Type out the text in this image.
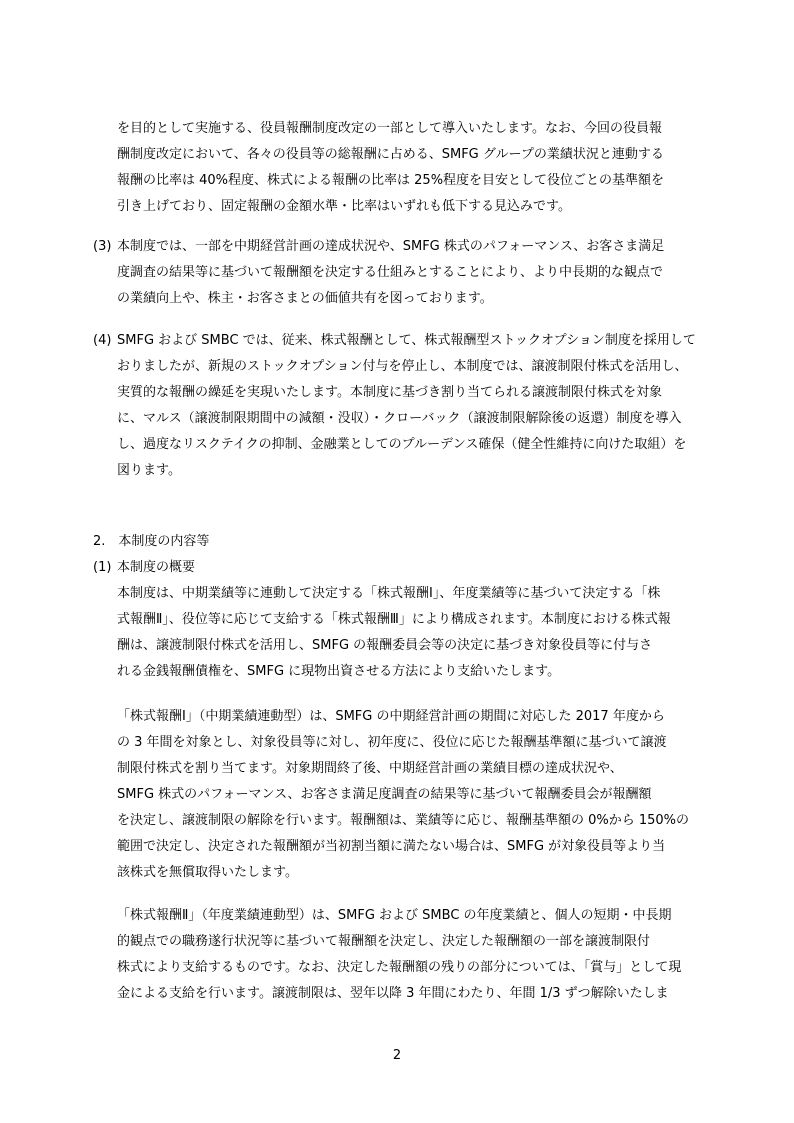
を目的として実施する、役員報酬制度改定の一部として導入いたします。なお、今回の役員報
酬制度改定において、各々の役員等の総報酬に占める、SMFG グループの業績状況と連動する
報酬の比率は 40%程度、株式による報酬の比率は 25%程度を目安として役位ごとの基準額を
引き上げており、固定報酬の金額水準・比率はいずれも低下する見込みです。
(3) 本制度では、一部を中期経営計画の達成状況や、SMFG 株式のパフォーマンス、お客さま満足
度調査の結果等に基づいて報酬額を決定する仕組みとすることにより、より中長期的な観点で
の業績向上や、株主・お客さまとの価値共有を図っております。
(4) SMFG および SMBC では、従来、株式報酬として、株式報酬型ストックオプション制度を採用して
おりましたが、新規のストックオプション付与を停止し、本制度では、譲渡制限付株式を活用し、
実質的な報酬の繰延を実現いたします。本制度に基づき割り当てられる譲渡制限付株式を対象
に、マルス（譲渡制限期間中の減額・没収）・クローバック（譲渡制限解除後の返還）制度を導入
し、過度なリスクテイクの抑制、金融業としてのプルーデンス確保（健全性維持に向けた取組）を
図ります。
2.　本制度の内容等
(1) 本制度の概要
本制度は、中期業績等に連動して決定する「株式報酬Ⅰ」、年度業績等に基づいて決定する「株
式報酬Ⅱ」、役位等に応じて支給する「株式報酬Ⅲ」により構成されます。本制度における株式報
酬は、譲渡制限付株式を活用し、SMFG の報酬委員会等の決定に基づき対象役員等に付与さ
れる金銭報酬債権を、SMFG に現物出資させる方法により支給いたします。
「株式報酬Ⅰ」（中期業績連動型）は、SMFG の中期経営計画の期間に対応した 2017 年度から
の 3 年間を対象とし、対象役員等に対し、初年度に、役位に応じた報酬基準額に基づいて譲渡
制限付株式を割り当てます。対象期間終了後、中期経営計画の業績目標の達成状況や、
SMFG 株式のパフォーマンス、お客さま満足度調査の結果等に基づいて報酬委員会が報酬額
を決定し、譲渡制限の解除を行います。報酬額は、業績等に応じ、報酬基準額の 0%から 150%の
範囲で決定し、決定された報酬額が当初割当額に満たない場合は、SMFG が対象役員等より当
該株式を無償取得いたします。
「株式報酬Ⅱ」（年度業績連動型）は、SMFG および SMBC の年度業績と、個人の短期・中長期
的観点での職務遂行状況等に基づいて報酬額を決定し、決定した報酬額の一部を譲渡制限付
株式により支給するものです。なお、決定した報酬額の残りの部分については、「賞与」として現
金による支給を行います。譲渡制限は、翌年以降 3 年間にわたり、年間 1/3 ずつ解除いたしま
2
